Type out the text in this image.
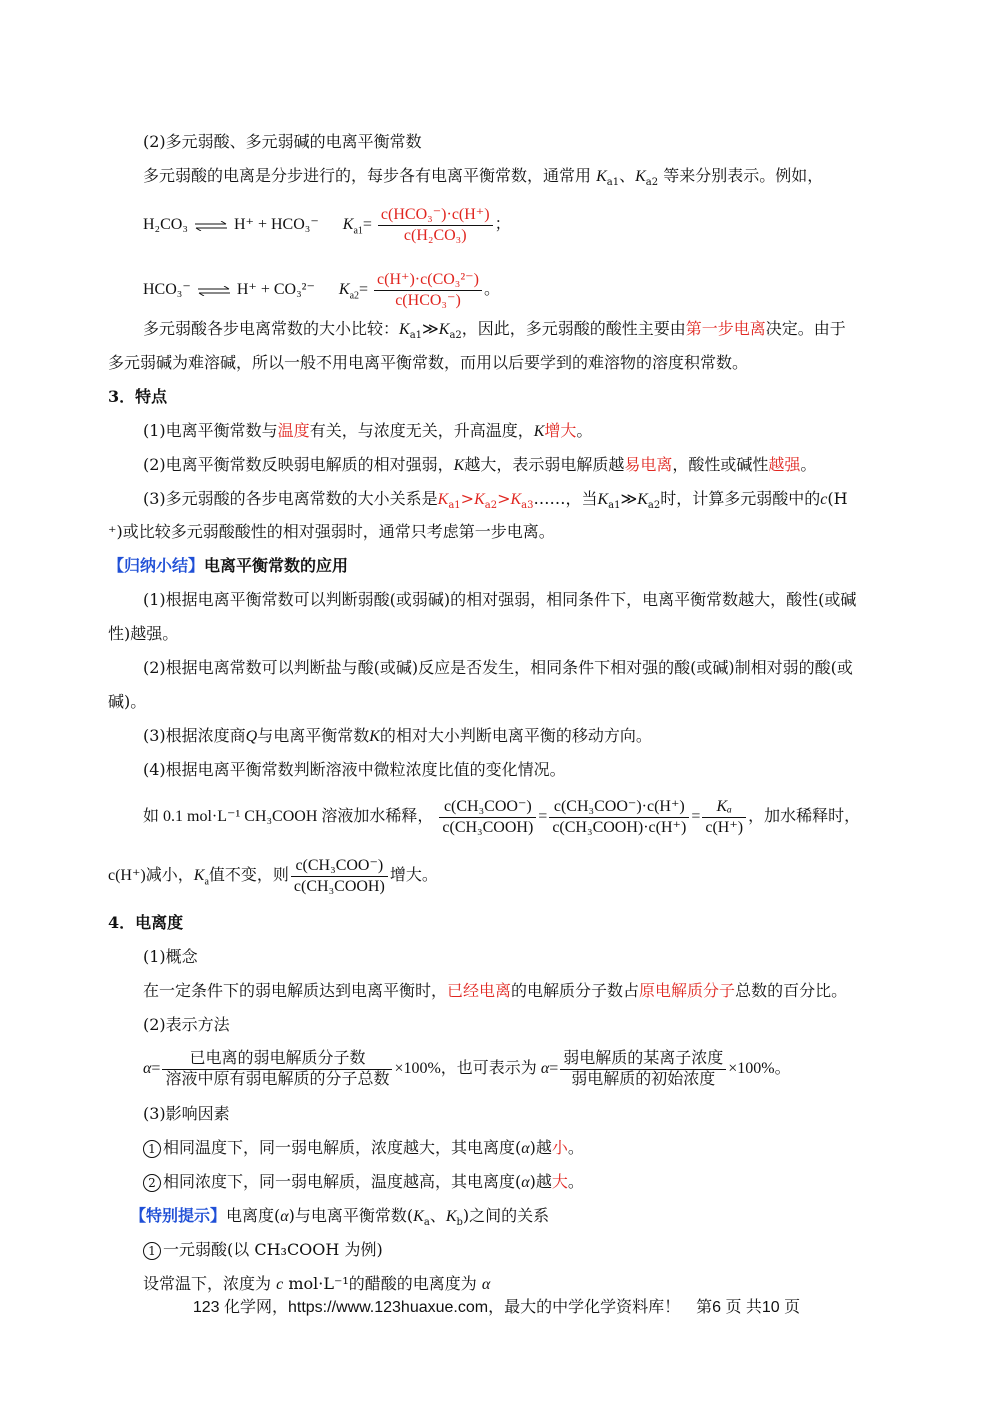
(2)多元弱酸、多元弱碱的电离平衡常数
多元弱酸的电离是分步进行的，每步各有电离平衡常数，通常用 $K_{a1}$、$K_{a2}$ 等来分别表示。例如，
H₂CO₃ ⇌ H⁺ + HCO₃⁻ $K_{a1}= \frac{\text{c(HCO₃⁻)·c(H⁺)}}{\text{c(H₂CO₃)}}$ ；
HCO₃⁻ ⇌ H⁺ + CO₃²⁻ $K_{a2}= \frac{\text{c(H⁺)·c(CO₃²⁻)}}{\text{c(HCO₃⁻)}}$ 。
多元弱酸各步电离常数的大小比较：$K_{a1}≫K_{a2}$，因此，多元弱酸的酸性主要由第一步电离决定。由于
多元弱碱为难溶碱，所以一般不用电离平衡常数，而用以后要学到的难溶物的溶度积常数。
3．特点
(1)电离平衡常数与温度有关，与浓度无关，升高温度，K增大。
(2)电离平衡常数反映弱电解质的相对强弱，K越大，表示弱电解质越易电离，酸性或碱性越强。
(3)多元弱酸的各步电离常数的大小关系是$K_{a1}>K_{a2}>K_{a3}\dots\dots$，当$K_{a1}≫K_{a2}$时，计算多元弱酸中的c(H
⁺)或比较多元弱酸酸性的相对强弱时，通常只考虑第一步电离。
【归纳小结】电离平衡常数的应用
(1)根据电离平衡常数可以判断弱酸(或弱碱)的相对强弱，相同条件下，电离平衡常数越大，酸性(或碱
性)越强。
(2)根据电离常数可以判断盐与酸(或碱)反应是否发生，相同条件下相对强的酸(或碱)制相对弱的酸(或
碱)。
(3)根据浓度商Q与电离平衡常数K的相对大小判断电离平衡的移动方向。
(4)根据电离平衡常数判断溶液中微粒浓度比值的变化情况。
如 0.1 mol·L⁻¹ CH₃COOH 溶液加水稀释， $\frac{\text{c(CH₃COO⁻)}}{\text{c(CH₃COOH)}} = \frac{\text{c(CH₃COO⁻)·c(H⁺)}}{\text{c(CH₃COOH)·c(H⁺)}} = \frac{\text{Kₐ}}{c(H^+)}$ ，加水稀释时，
c(H⁺)减小，$K_a$值不变，则 $\frac{\text{c(CH₃COO⁻)}}{\text{c(CH₃COOH)}}$ 增大。
4．电离度
(1)概念
在一定条件下的弱电解质达到电离平衡时，已经电离的电解质分子数占原电解质分子总数的百分比。
(2)表示方法
$\alpha= \frac{\text{已电离的弱电解质分子数}}{\text{溶液中原有弱电解质的分子总数}} \times 100\%$，也可表示为 $\alpha= \frac{\text{弱电解质的某离子浓度}}{\text{弱电解质的初始浓度}} \times 100\%$。
(3)影响因素
1 相同温度下，同一弱电解质，浓度越大，其电离度(α)越小。
2 相同浓度下，同一弱电解质，温度越高，其电离度(α)越大。
【特别提示】电离度(α)与电离平衡常数($K_a$、$K_b$)之间的关系
1 一元弱酸(以 CH₃COOH 为例)
设常温下，浓度为 c mol·L⁻¹的醋酸的电离度为 α
123 化学网，https://www.123huaxue.com，最大的中学化学资料库！　第6 页 共10 页
